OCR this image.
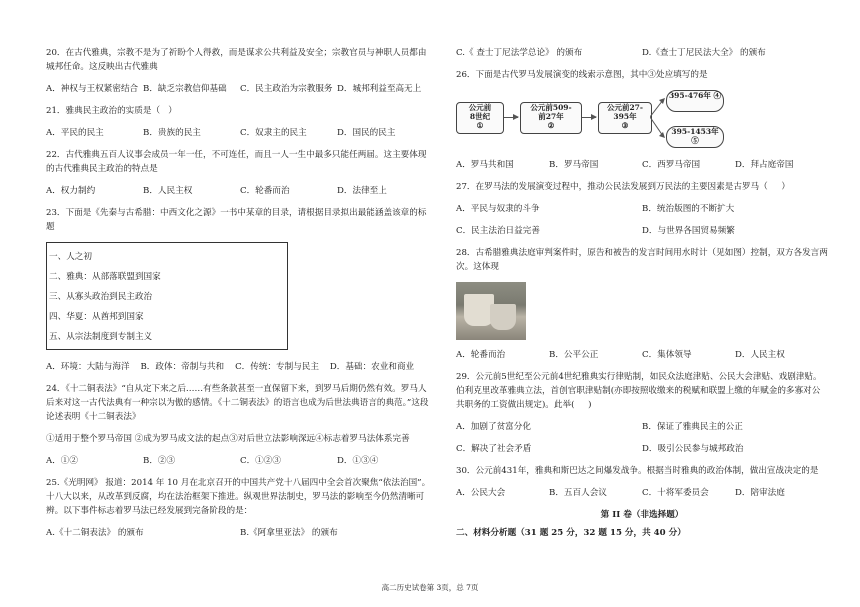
20．在古代雅典，宗教不是为了祈盼个人得救，而是谋求公共利益及安全；宗教官员与神职人员都由城邦任命。这反映出古代雅典

A．神权与王权紧密结合 B．缺乏宗教信仰基础	C．民主政治为宗教服务 D．城邦利益至高无上

21．雅典民主政治的实质是（   ）

A．平民的民主	B．贵族的民主	C．奴隶主的民主	D．国民的民主

22．古代雅典五百人议事会成员一年一任，不可连任，而且一人一生中最多只能任两届。这主要体现的古代雅典民主政治的特点是

A．权力制约	B．人民主权	C．轮番而治	D．法律至上

23．下面是《先秦与古希腊：中西文化之源》一书中某章的目录，请根据目录拟出最能涵盖该章的标题

一、人之初
二、雅典：从部落联盟到国家
三、从寡头政治到民主政治
四、华夏：从酋邦到国家
五、从宗法制度到专制主义

A．环境：大陆与海洋    B．政体：帝制与共和    C．传统：专制与民主    D．基础：农业和商业

24．《十二铜表法》“自从定下来之后……有些条款甚至一直保留下来，到罗马后期仍然有效。罗马人后来对这一古代法典有一种宗以为傲的感情。《十二铜表法》的语言也成为后世法典语言的典范。”这段论述表明《十二铜表法》

①适用于整个罗马帝国 ②成为罗马成文法的起点③对后世立法影响深远④标志着罗马法体系完善

A．①②	B．②③	C．①②③	D．①③④

25.《光明网》 报道：2014 年 10 月在北京召开的中国共产党十八届四中全会首次聚焦“依法治国”。十八大以来，从改革到反腐，均在法治框架下推进。纵观世界法制史，罗马法的影响至今仍然清晰可辨。以下事件标志着罗马法已经发展到完备阶段的是：

A.《十二铜表法》 的颁布	B.《阿拿里亚法》 的颁布
C.《 查士丁尼法学总论》 的颁布	D.《查士丁尼民法大全》 的颁布

26．下面是古代罗马发展演变的线索示意图，其中③处应填写的是

公元前
8世纪
①
公元前509-
前27年
②
公元前27-
395年
③
395-476年 ④
395-1453年 ⑤
A．罗马共和国	B．罗马帝国	C．西罗马帝国	D．拜占庭帝国

27．在罗马法的发展演变过程中，推动公民法发展到万民法的主要因素是古罗马（     ）

A．平民与奴隶的斗争	B．统治版图的不断扩大
C．民主法治日益完善	D．与世界各国贸易频繁

28．古希腊雅典法庭审判案件时，原告和被告的发言时间用水时计（见如图）控制，双方各发言两次。这体现

A．轮番而治	B．公平公正	C．集体领导	D．人民主权

29．公元前5世纪至公元前4世纪雅典实行律贴制，如民众法庭津贴、公民大会津贴、戏剧津贴。伯利克里改革雅典立法，首创官职津贴制(亦即按照收缴来的税赋和联盟上缴的年赋金的多寡对公共职务的工资做出规定)。此举(     )

A．加剧了贫富分化	B．保证了雅典民主的公正
C．解决了社会矛盾	D．吸引公民参与城邦政治

30．公元前431年，雅典和斯巴达之间爆发战争。根据当时雅典的政治体制，做出宣战决定的是

A．公民大会	B．五百人会议	C．十将军委员会	D．陪审法庭
第 II 卷（非选择题）
二、材料分析题（31 题 25 分，32 题 15 分，共 40 分）
高二历史试卷第 3页，总 7页
